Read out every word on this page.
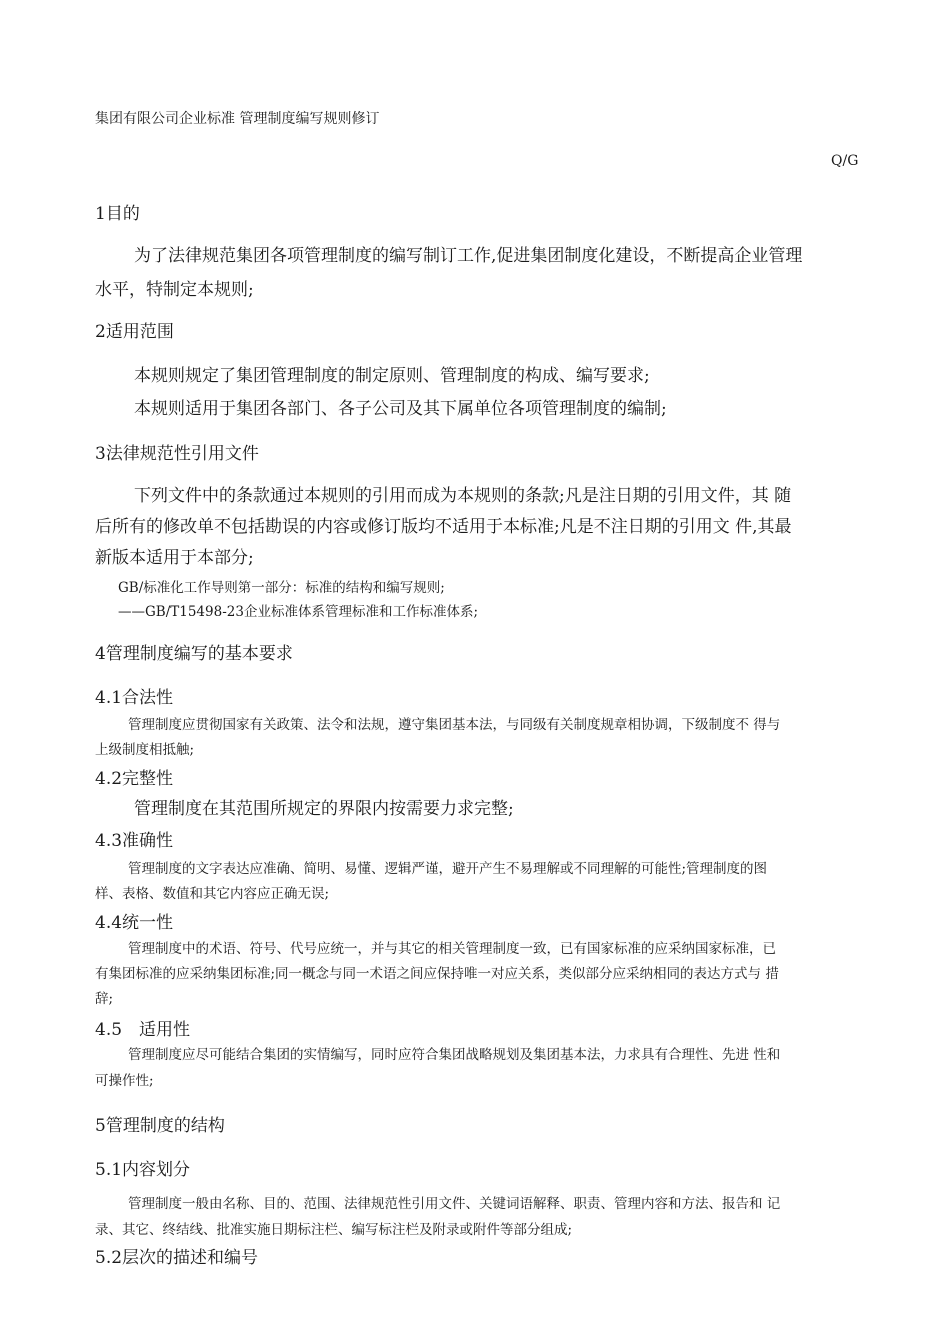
集团有限公司企业标准 管理制度编写规则修订
Q/G
1目的
为了法律规范集团各项管理制度的编写制订工作,促进集团制度化建设，不断提高企业管理
水平，特制定本规则;
2适用范围
本规则规定了集团管理制度的制定原则、管理制度的构成、编写要求;
本规则适用于集团各部门、各子公司及其下属单位各项管理制度的编制;
3法律规范性引用文件
下列文件中的条款通过本规则的引用而成为本规则的条款;凡是注日期的引用文件，其 随
后所有的修改单不包括勘误的内容或修订版均不适用于本标准;凡是不注日期的引用文 件,其最
新版本适用于本部分;
GB/标准化工作导则第一部分：标准的结构和编写规则;
——GB/T15498-23企业标准体系管理标准和工作标准体系;
4管理制度编写的基本要求
4.1合法性
管理制度应贯彻国家有关政策、法令和法规，遵守集团基本法，与同级有关制度规章相协调，下级制度不 得与
上级制度相抵触;
4.2完整性
管理制度在其范围所规定的界限内按需要力求完整;
4.3准确性
管理制度的文字表达应准确、简明、易懂、逻辑严谨，避开产生不易理解或不同理解的可能性;管理制度的图
样、表格、数值和其它内容应正确无误;
4.4统一性
管理制度中的术语、符号、代号应统一，并与其它的相关管理制度一致，已有国家标准的应采纳国家标准，已
有集团标准的应采纳集团标准;同一概念与同一术语之间应保持唯一对应关系，类似部分应采纳相同的表达方式与 措
辞;
4.5　适用性
管理制度应尽可能结合集团的实情编写，同时应符合集团战略规划及集团基本法，力求具有合理性、先进 性和
可操作性;
5管理制度的结构
5.1内容划分
管理制度一般由名称、目的、范围、法律规范性引用文件、关键词语解释、职责、管理内容和方法、报告和 记
录、其它、终结线、批准实施日期标注栏、编写标注栏及附录或附件等部分组成;
5.2层次的描述和编号
